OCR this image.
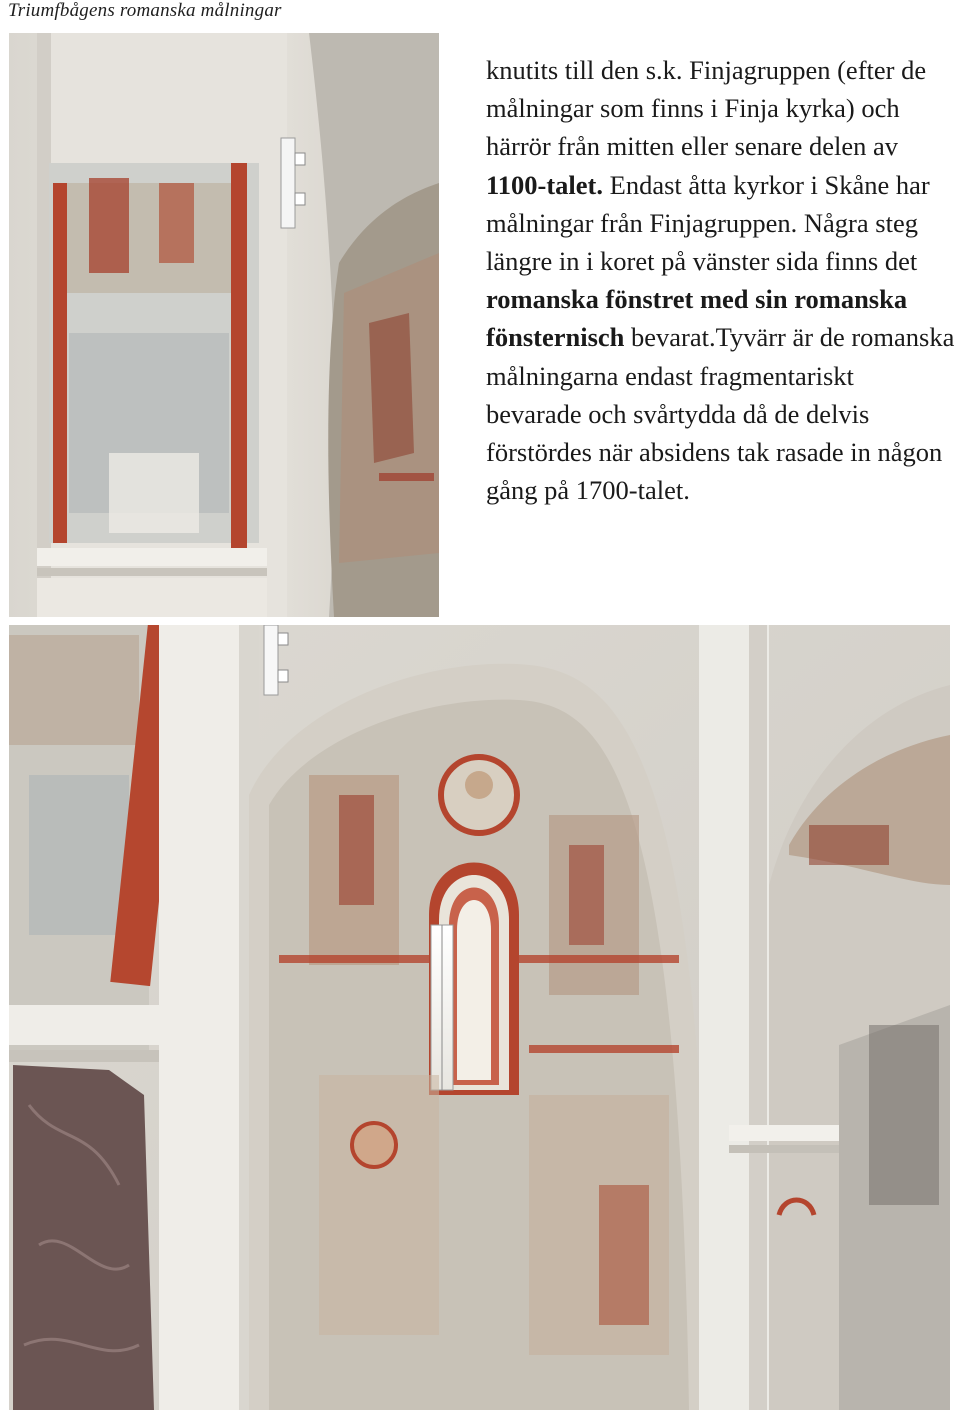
Triumfbågens romanska målningar

knutits till den s.k. Finjagruppen (efter de målningar som finns i Finja kyrka) och härrör från mitten eller senare delen av 1100-talet. Endast åtta kyrkor i Skåne har målningar från Finjagruppen. Några steg längre in i koret på vänster sida finns det romanska fönstret med sin romanska fönsternisch bevarat.Tyvärr är de romanska målningarna endast fragmentariskt bevarade och svårtydda då de delvis förstördes när absidens tak rasade in någon gång på 1700-talet.
